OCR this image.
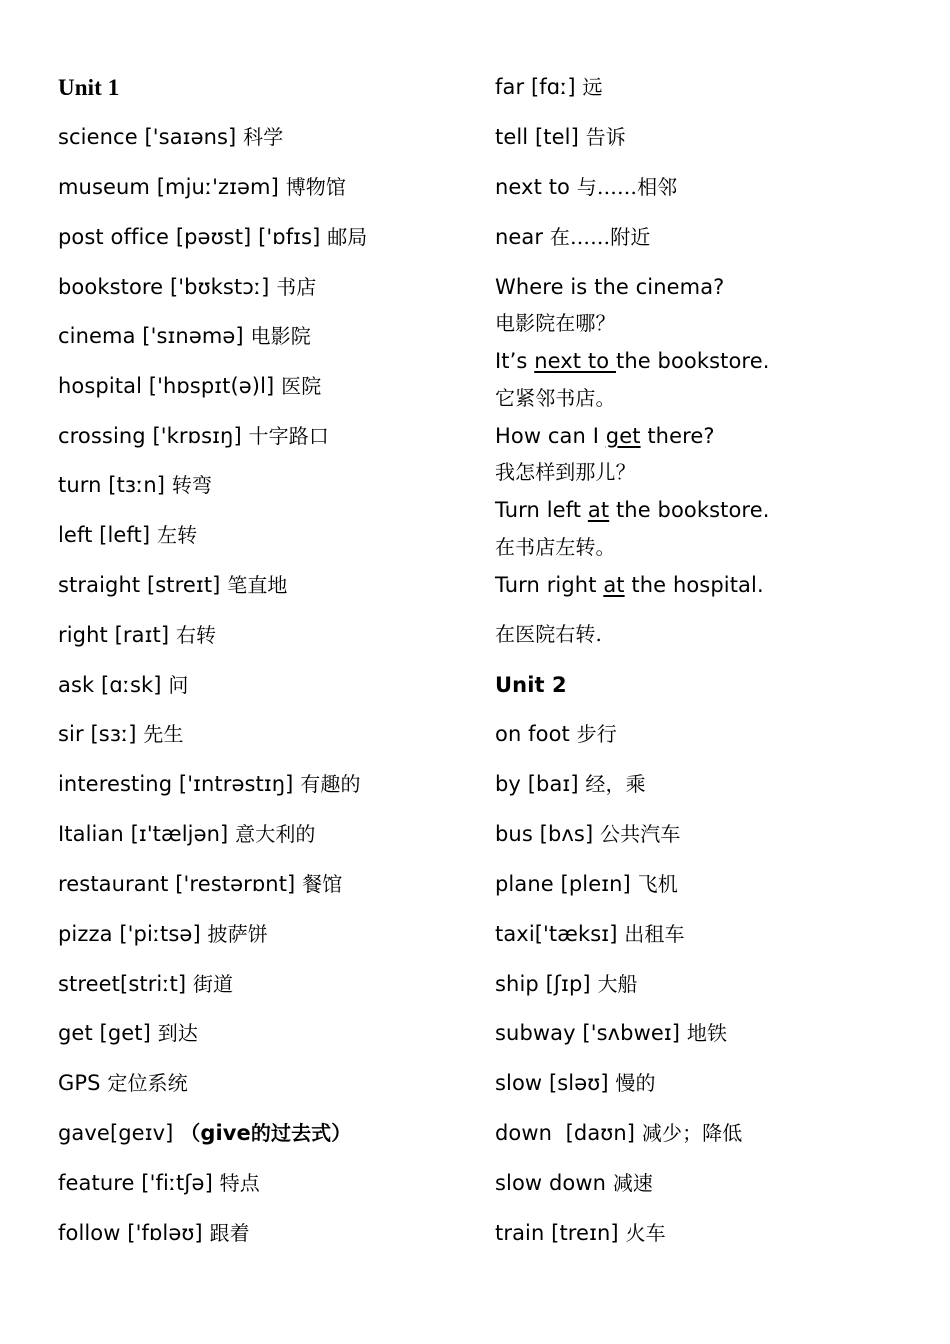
Unit 1
science ['saɪəns] 科学
museum [mjuː'zɪəm] 博物馆
post office [pəʊst] ['ɒfɪs] 邮局
bookstore ['bʊkstɔː] 书店
cinema ['sɪnəmə] 电影院
hospital ['hɒspɪt(ə)l] 医院
crossing ['krɒsɪŋ] 十字路口
turn [tɜːn] 转弯
left [left] 左转
straight [streɪt] 笔直地
right [raɪt] 右转
ask [ɑːsk] 问
sir [sɜː] 先生
interesting ['ɪntrəstɪŋ] 有趣的
Italian [ɪ'tæljən] 意大利的
restaurant ['restərɒnt] 餐馆
pizza ['piːtsə] 披萨饼
street[striːt] 街道
get [get] 到达
GPS 定位系统
gave[geɪv] （give的过去式）
feature ['fiːtʃə] 特点
follow ['fɒləʊ] 跟着
far [fɑː] 远
tell [tel] 告诉
next to 与……相邻
near 在……附近
Where is the cinema?
电影院在哪？
It’s next to the bookstore.
它紧邻书店。
How can I get there?
我怎样到那儿？
Turn left at the bookstore.
在书店左转。
Turn right at the hospital.
在医院右转.
Unit 2
on foot 步行
by [baɪ] 经，乘
bus [bʌs] 公共汽车
plane [pleɪn] 飞机
taxi['tæksɪ] 出租车
ship [ʃɪp] 大船
subway ['sʌbweɪ] 地铁
slow [sləʊ] 慢的
down  [daʊn] 减少；降低
slow down 减速
train [treɪn] 火车
